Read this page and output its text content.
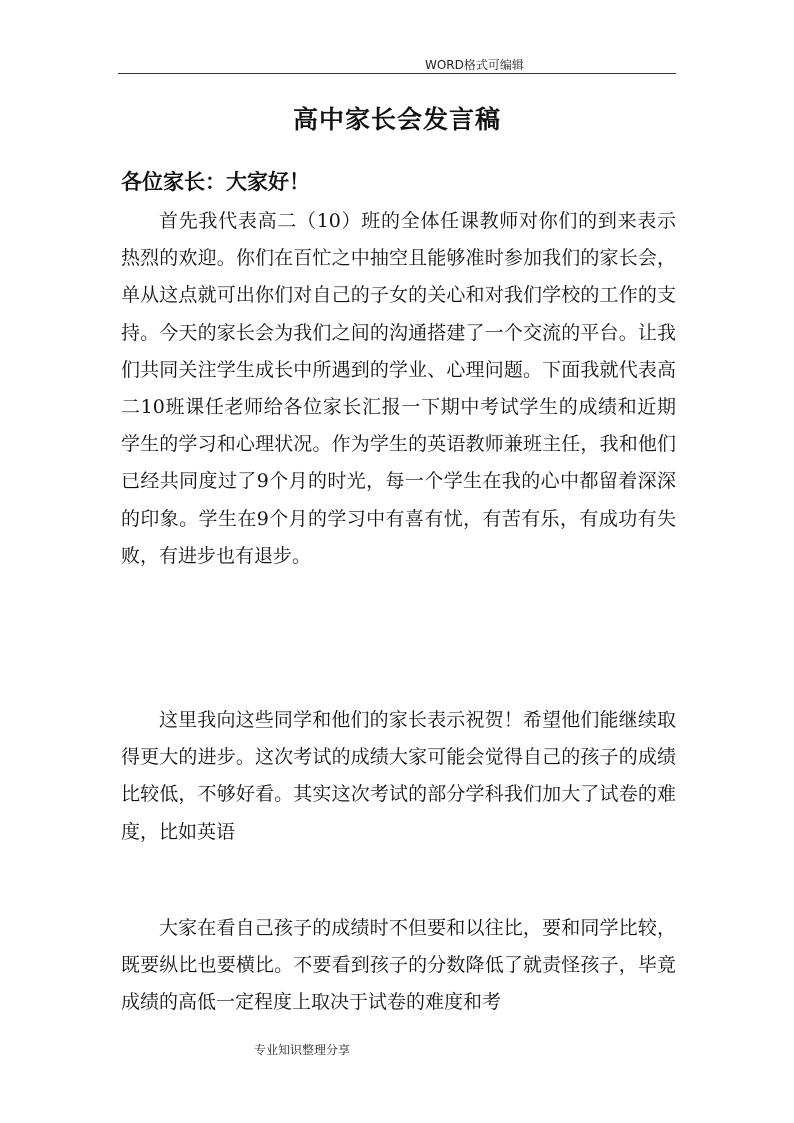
WORD格式可编辑
高中家长会发言稿
各位家长：大家好！

首先我代表高二（10）班的全体任课教师对你们的到来表示热烈的欢迎。你们在百忙之中抽空且能够准时参加我们的家长会，单从这点就可出你们对自己的子女的关心和对我们学校的工作的支持。今天的家长会为我们之间的沟通搭建了一个交流的平台。让我们共同关注学生成长中所遇到的学业、心理问题。下面我就代表高二10班课任老师给各位家长汇报一下期中考试学生的成绩和近期学生的学习和心理状况。作为学生的英语教师兼班主任，我和他们已经共同度过了9个月的时光，每一个学生在我的心中都留着深深的印象。学生在9个月的学习中有喜有忧，有苦有乐，有成功有失败，有进步也有退步。

这里我向这些同学和他们的家长表示祝贺！希望他们能继续取得更大的进步。这次考试的成绩大家可能会觉得自己的孩子的成绩比较低，不够好看。其实这次考试的部分学科我们加大了试卷的难度，比如英语

大家在看自己孩子的成绩时不但要和以往比，要和同学比较，既要纵比也要横比。不要看到孩子的分数降低了就责怪孩子，毕竟成绩的高低一定程度上取决于试卷的难度和考

专业知识整理分享
